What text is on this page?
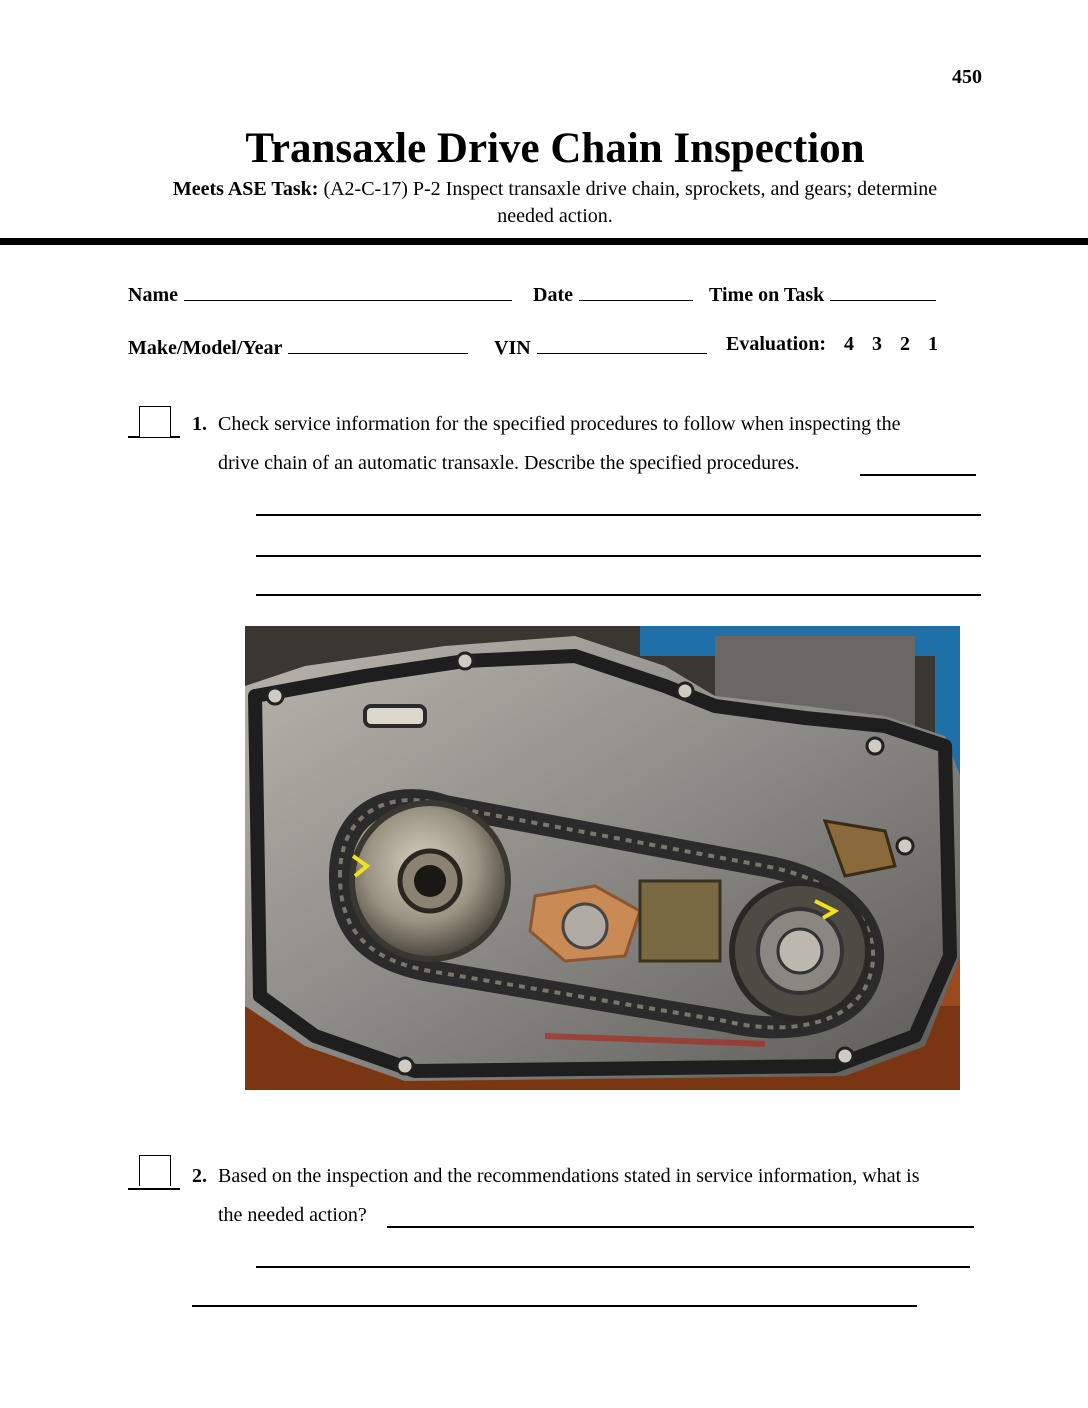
450
Transaxle Drive Chain Inspection
Meets ASE Task: (A2-C-17) P-2 Inspect transaxle drive chain, sprockets, and gears; determine
needed action.
Name	Date	Time on Task
Make/Model/Year	VIN	Evaluation: 4 3 2 1
1. Check service information for the specified procedures to follow when inspecting the
drive chain of an automatic transaxle. Describe the specified procedures.
2. Based on the inspection and the recommendations stated in service information, what is
the needed action?
